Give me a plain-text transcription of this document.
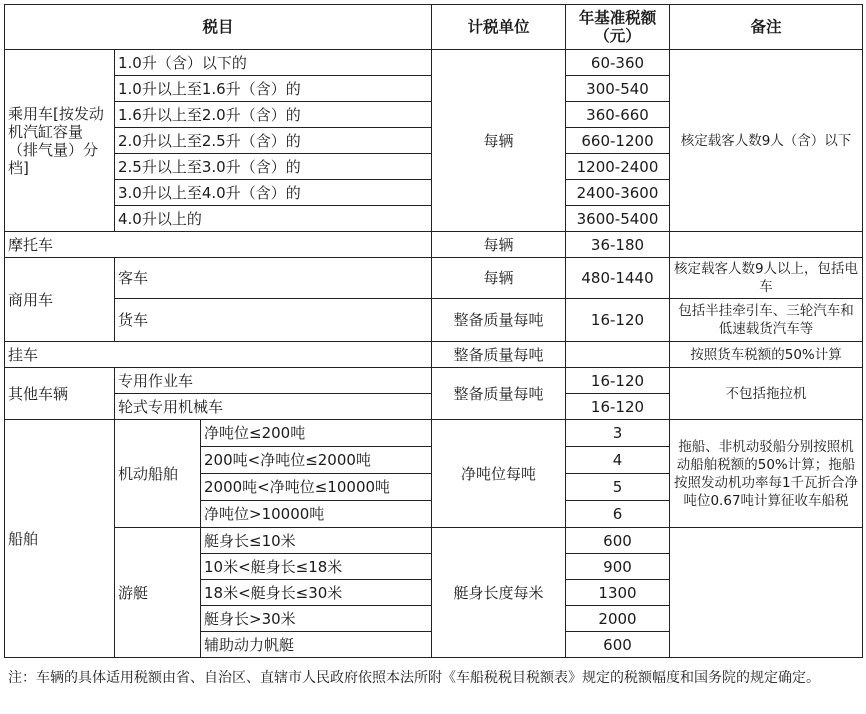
税目			计税单位	年基准税额（元）	备注
乘用车[按发动机汽缸容量（排气量）分档]	1.0升（含）以下的		每辆	60-360	核定载客人数9人（含）以下
	1.0升以上至1.6升（含）的			300-540	
	1.6升以上至2.0升（含）的			360-660	
	2.0升以上至2.5升（含）的			660-1200	
	2.5升以上至3.0升（含）的			1200-2400	
	3.0升以上至4.0升（含）的			2400-3600	
	4.0升以上的			3600-5400	
摩托车			每辆	36-180	
商用车	客车		每辆	480-1440	核定载客人数9人以上，包括电车
	货车		整备质量每吨	16-120	包括半挂牵引车、三轮汽车和低速载货汽车等
挂车			整备质量每吨		按照货车税额的50%计算
其他车辆	专用作业车		整备质量每吨	16-120	不包括拖拉机
	轮式专用机械车			16-120	
船舶	机动船舶	净吨位≤200吨	净吨位每吨	3	拖船、非机动驳船分别按照机动船舶税额的50%计算；拖船按照发动机功率每1千瓦折合净吨位0.67吨计算征收车船税
		200吨<净吨位≤2000吨		4	
		2000吨<净吨位≤10000吨		5	
		净吨位>10000吨		6	
	游艇	艇身长≤10米	艇身长度每米	600	
		10米<艇身长≤18米		900	
		18米<艇身长≤30米		1300	
		艇身长>30米		2000	
		辅助动力帆艇		600	
注：车辆的具体适用税额由省、自治区、直辖市人民政府依照本法所附《车船税税目税额表》规定的税额幅度和国务院的规定确定。
